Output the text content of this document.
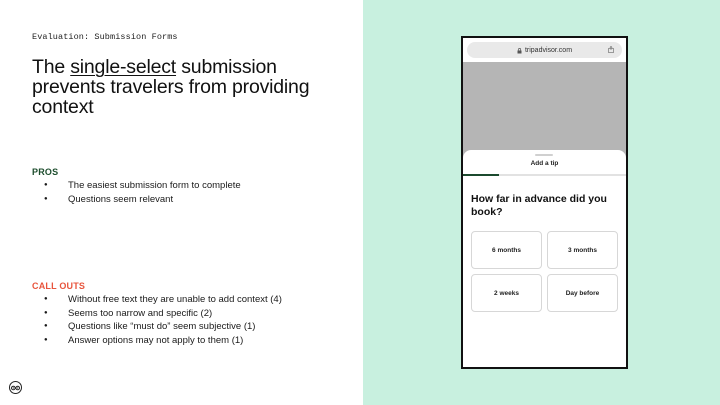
Evaluation: Submission Forms
The single-select submission prevents travelers from providing context
PROS
● The easiest submission form to complete
● Questions seem relevant
CALL OUTS
● Without free text they are unable to add context (4)
● Seems too narrow and specific (2)
● Questions like “must do” seem subjective (1)
● Answer options may not apply to them (1)
tripadvisor.com
Add a tip
How far in advance did you book?
6 months	3 months
2 weeks	Day before
